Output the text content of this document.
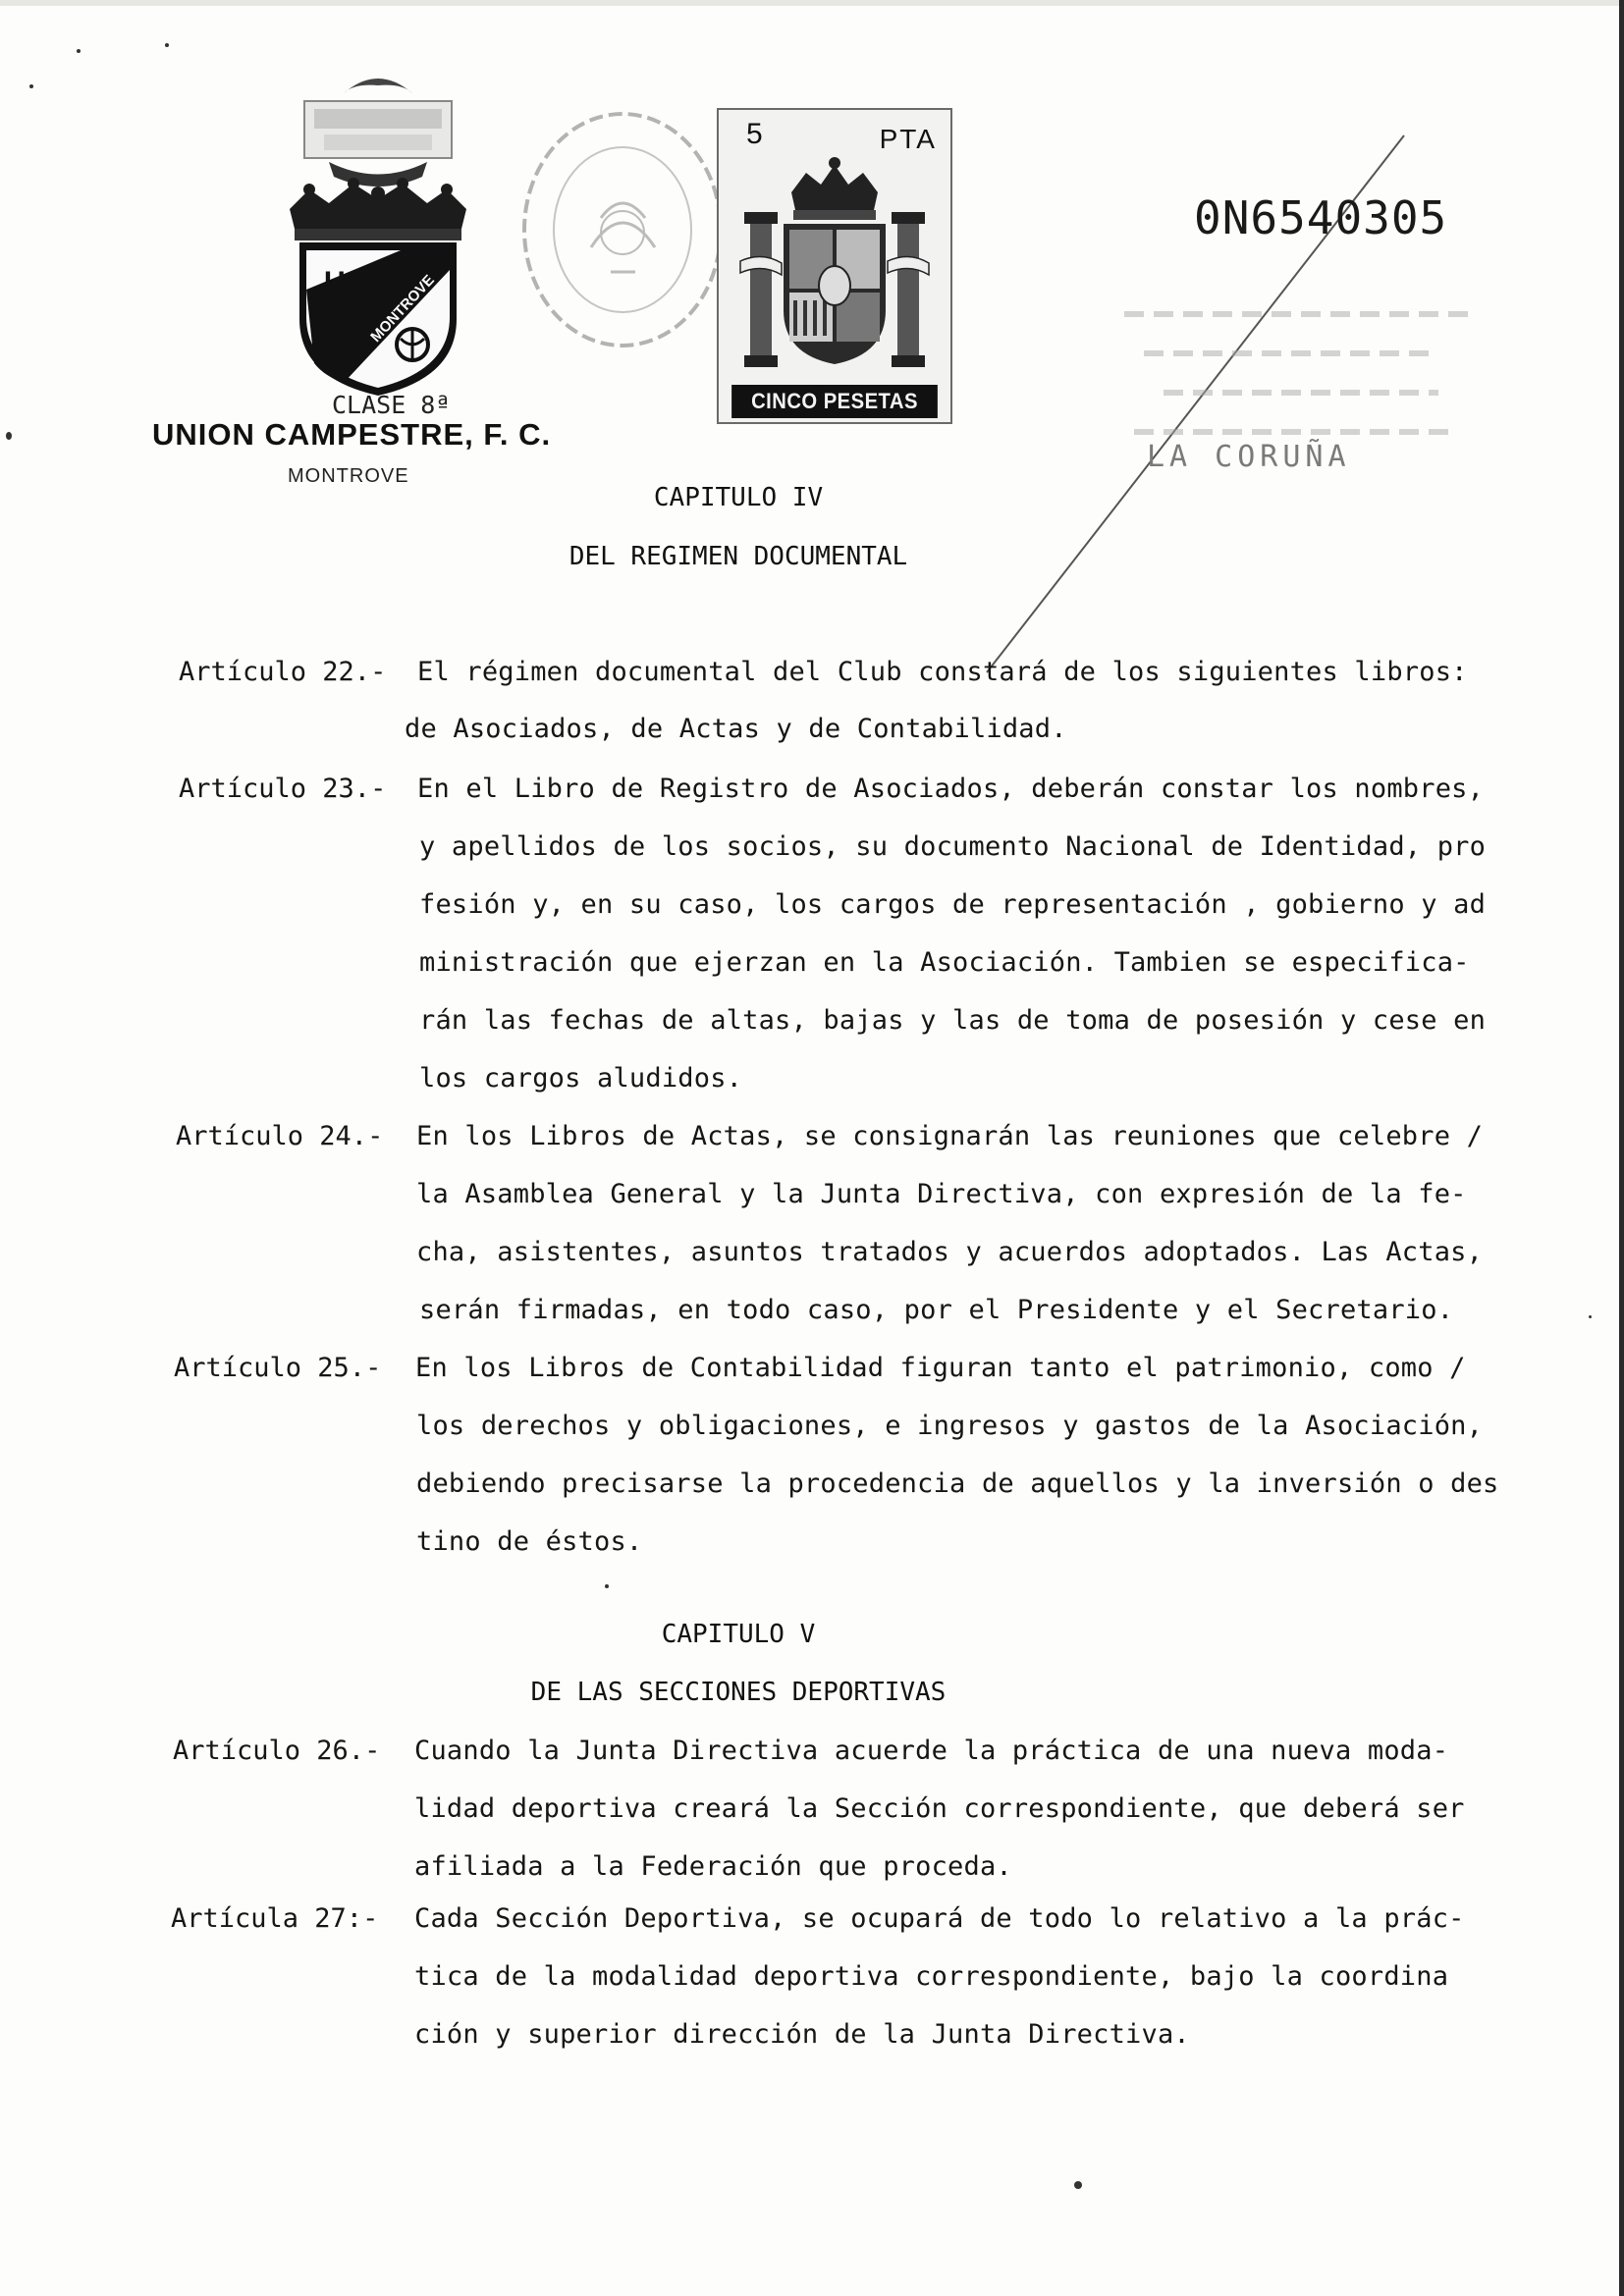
MONTROVE
UC
CLASE 8ª
UNION CAMPESTRE, F. C.
MONTROVE
5	PTA
CINCO PESETAS
0N6540305
LA CORUÑA
CAPITULO IV
DEL REGIMEN DOCUMENTAL
Artículo 22.- El régimen documental del Club constará de los siguientes libros:
de Asociados, de Actas y de Contabilidad.
Artículo 23.- En el Libro de Registro de Asociados, deberán constar los nombres,
y apellidos de los socios, su documento Nacional de Identidad, pro
fesión y, en su caso, los cargos de representación , gobierno y ad
ministración que ejerzan en la Asociación. Tambien se especifica-
rán las fechas de altas, bajas y las de toma de posesión y cese en
los cargos aludidos.
Artículo 24.- En los Libros de Actas, se consignarán las reuniones que celebre /
la Asamblea General y la Junta Directiva, con expresión de la fe-
cha, asistentes, asuntos tratados y acuerdos adoptados. Las Actas,
serán firmadas, en todo caso, por el Presidente y el Secretario.
Artículo 25.- En los Libros de Contabilidad figuran tanto el patrimonio, como /
los derechos y obligaciones, e ingresos y gastos de la Asociación,
debiendo precisarse la procedencia de aquellos y la inversión o des
tino de éstos.
CAPITULO V
DE LAS SECCIONES DEPORTIVAS
Artículo 26.- Cuando la Junta Directiva acuerde la práctica de una nueva moda-
lidad deportiva creará la Sección correspondiente, que deberá ser
afiliada a la Federación que proceda.
Artícula 27:- Cada Sección Deportiva, se ocupará de todo lo relativo a la prác-
tica de la modalidad deportiva correspondiente, bajo la coordina
ción y superior dirección de la Junta Directiva.
